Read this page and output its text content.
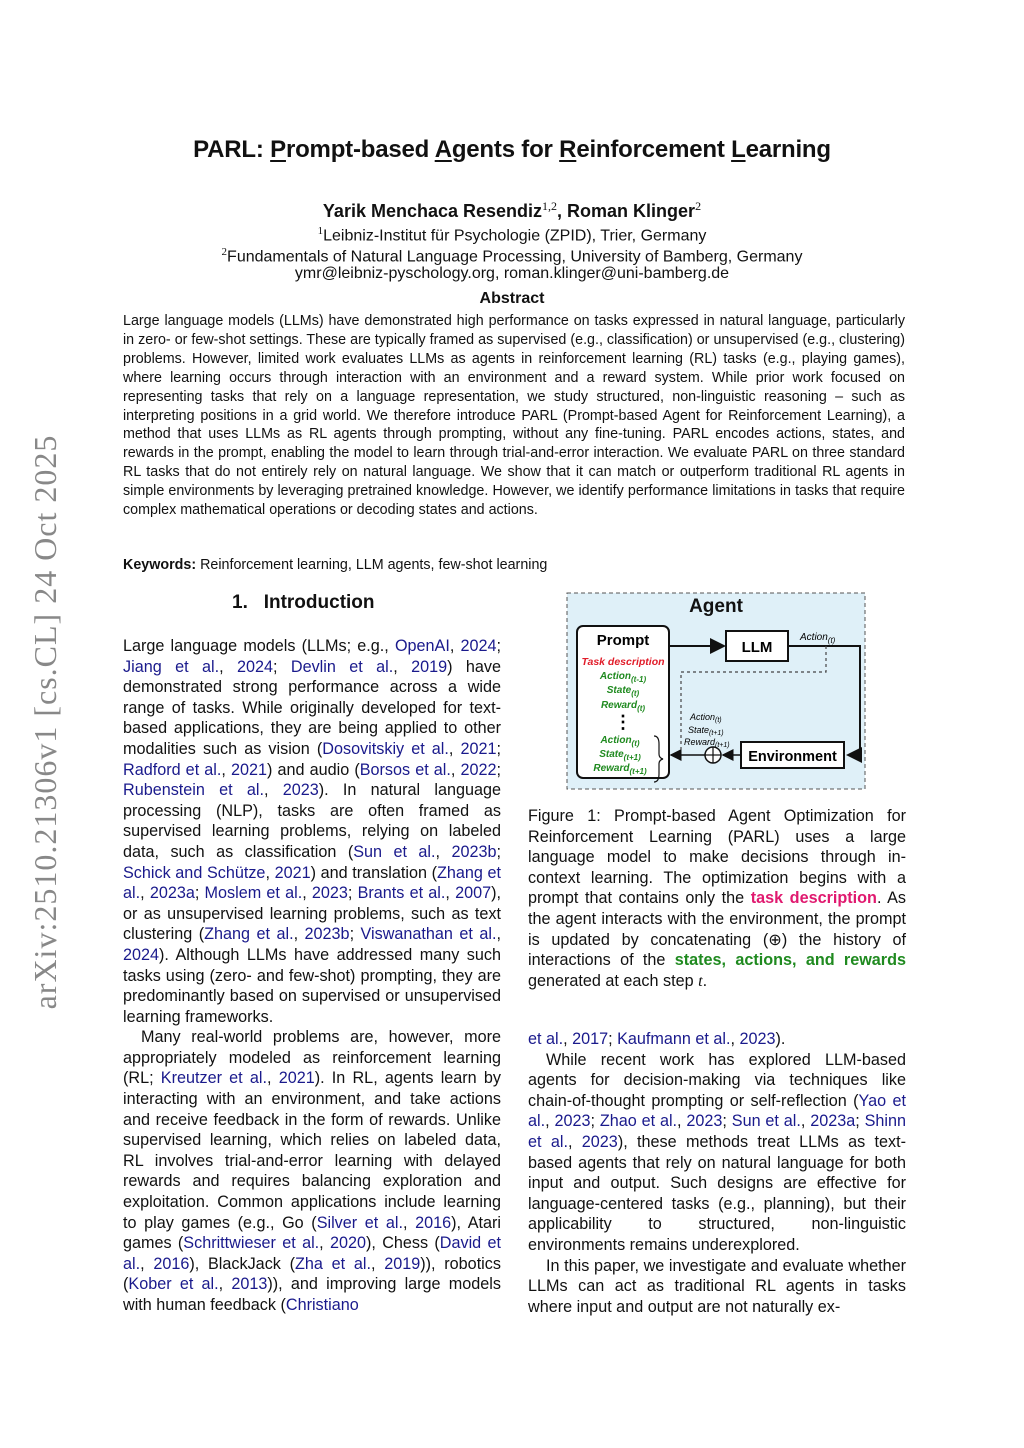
arXiv:2510.21306v1 [cs.CL] 24 Oct 2025
PARL: Prompt-based Agents for Reinforcement Learning
Yarik Menchaca Resendiz$^{1,2}$, Roman Klinger$^2$
$^1$Leibniz-Institut für Psychologie (ZPID), Trier, Germany
$^2$Fundamentals of Natural Language Processing, University of Bamberg, Germany
ymr@leibniz-pyschology.org, roman.klinger@uni-bamberg.de
Abstract
Large language models (LLMs) have demonstrated high performance on tasks expressed in natural language, particularly in zero- or few-shot settings. These are typically framed as supervised (e.g., classification) or unsupervised (e.g., clustering) problems. However, limited work evaluates LLMs as agents in reinforcement learning (RL) tasks (e.g., playing games), where learning occurs through interaction with an environment and a reward system. While prior work focused on representing tasks that rely on a language representation, we study structured, non-linguistic reasoning – such as interpreting positions in a grid world. We therefore introduce PARL (Prompt-based Agent for Reinforcement Learning), a method that uses LLMs as RL agents through prompting, without any fine-tuning. PARL encodes actions, states, and rewards in the prompt, enabling the model to learn through trial-and-error interaction. We evaluate PARL on three standard RL tasks that do not entirely rely on natural language. We show that it can match or outperform traditional RL agents in simple environments by leveraging pretrained knowledge. However, we identify performance limitations in tasks that require complex mathematical operations or decoding states and actions.
Keywords: Reinforcement learning, LLM agents, few-shot learning
1. Introduction

Large language models (LLMs; e.g., OpenAI, 2024; Jiang et al., 2024; Devlin et al., 2019) have demonstrated strong performance across a wide range of tasks. While originally developed for text-based applications, they are being applied to other modalities such as vision (Dosovitskiy et al., 2021; Radford et al., 2021) and audio (Borsos et al., 2022; Rubenstein et al., 2023). In natural language processing (NLP), tasks are often framed as supervised learning problems, relying on labeled data, such as classification (Sun et al., 2023b; Schick and Schütze, 2021) and translation (Zhang et al., 2023a; Moslem et al., 2023; Brants et al., 2007), or as unsupervised learning problems, such as text clustering (Zhang et al., 2023b; Viswanathan et al., 2024). Although LLMs have addressed many such tasks using (zero- and few-shot) prompting, they are predominantly based on supervised or unsupervised learning frameworks.

Many real-world problems are, however, more appropriately modeled as reinforcement learning (RL; Kreutzer et al., 2021). In RL, agents learn by interacting with an environment, and take actions and receive feedback in the form of rewards. Unlike supervised learning, which relies on labeled data, RL involves trial-and-error learning with delayed rewards and requires balancing exploration and exploitation. Common applications include learning to play games (e.g., Go (Silver et al., 2016), Atari games (Schrittwieser et al., 2020), Chess (David et al., 2016), BlackJack (Zha et al., 2019)), robotics (Kober et al., 2013)), and improving large models with human feedback (Christiano

Agent
Prompt
Task description
Action$_{(t-1)}$
State$_{(t)}$
Reward$_{(t)}$
⋮
Action$_{(t)}$
State$_{(t+1)}$
Reward$_{(t+1)}$
LLM
Action$_{(t)}$
Environment
Action$_{(t)}$
State$_{(t+1)}$
Reward$_{(t+1)}$
Figure 1: Prompt-based Agent Optimization for Reinforcement Learning (PARL) uses a large language model to make decisions through in-context learning. The optimization begins with a prompt that contains only the task description. As the agent interacts with the environment, the prompt is updated by concatenating (⊕) the history of interactions of the states, actions, and rewards generated at each step t.

et al., 2017; Kaufmann et al., 2023).

While recent work has explored LLM-based agents for decision-making via techniques like chain-of-thought prompting or self-reflection (Yao et al., 2023; Zhao et al., 2023; Sun et al., 2023a; Shinn et al., 2023), these methods treat LLMs as text-based agents that rely on natural language for both input and output. Such designs are effective for language-centered tasks (e.g., planning), but their applicability to structured, non-linguistic environments remains underexplored.

In this paper, we investigate and evaluate whether LLMs can act as traditional RL agents in tasks where input and output are not naturally ex-
